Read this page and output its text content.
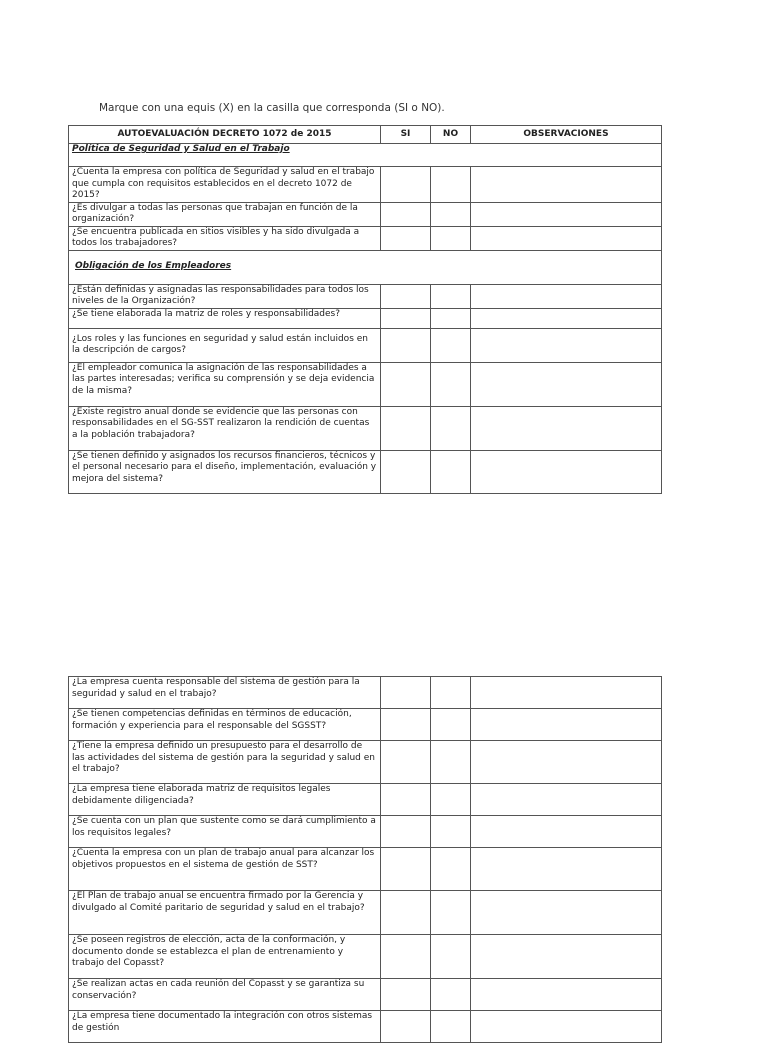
Marque con una equis (X) en la casilla que corresponda (SI o NO).
AUTOEVALUACIÓN DECRETO 1072 de 2015	SI	NO	OBSERVACIONES
Política de Seguridad y Salud en el Trabajo			
¿Cuenta la empresa con política de Seguridad y salud en el trabajo que cumpla con requisitos establecidos en el decreto 1072 de 2015?			
¿Es divulgar a todas las personas que trabajan en función de la organización?			
¿Se encuentra publicada en sitios visibles y ha sido divulgada a todos los trabajadores?			
Obligación de los Empleadores			
¿Están definidas y asignadas las responsabilidades para todos los niveles de la Organización?			
¿Se tiene elaborada la matriz de roles y responsabilidades?			
¿Los roles y las funciones en seguridad y salud están incluidos en la descripción de cargos?			
¿El empleador comunica la asignación de las responsabilidades a las partes interesadas; verifica su comprensión y se deja evidencia de la misma?			
¿Existe registro anual donde se evidencie que las personas con responsabilidades en el SG-SST realizaron la rendición de cuentas a la población trabajadora?			
¿Se tienen definido y asignados los recursos financieros, técnicos y el personal necesario para el diseño, implementación, evaluación y mejora del sistema?			
¿La empresa cuenta responsable del sistema de gestión para la seguridad y salud en el trabajo?			
¿Se tienen competencias definidas en términos de educación, formación y experiencia para el responsable del SGSST?			
¿Tiene la empresa definido un presupuesto para el desarrollo de las actividades del sistema de gestión para la seguridad y salud en el trabajo?			
¿La empresa tiene elaborada matriz de requisitos legales debidamente diligenciada?			
¿Se cuenta con un plan que sustente como se dará cumplimiento a los requisitos legales?			
¿Cuenta la empresa con un plan de trabajo anual para alcanzar los objetivos propuestos en el sistema de gestión de SST?			
¿El Plan de trabajo anual se encuentra firmado por la Gerencia y divulgado al Comité paritario de seguridad y salud en el trabajo?			
¿Se poseen registros de elección, acta de la conformación, y documento donde se establezca el plan de entrenamiento y trabajo del Copasst?			
¿Se realizan actas en cada reunión del Copasst y se garantiza su conservación?			
¿La empresa tiene documentado la integración con otros sistemas de gestión			
